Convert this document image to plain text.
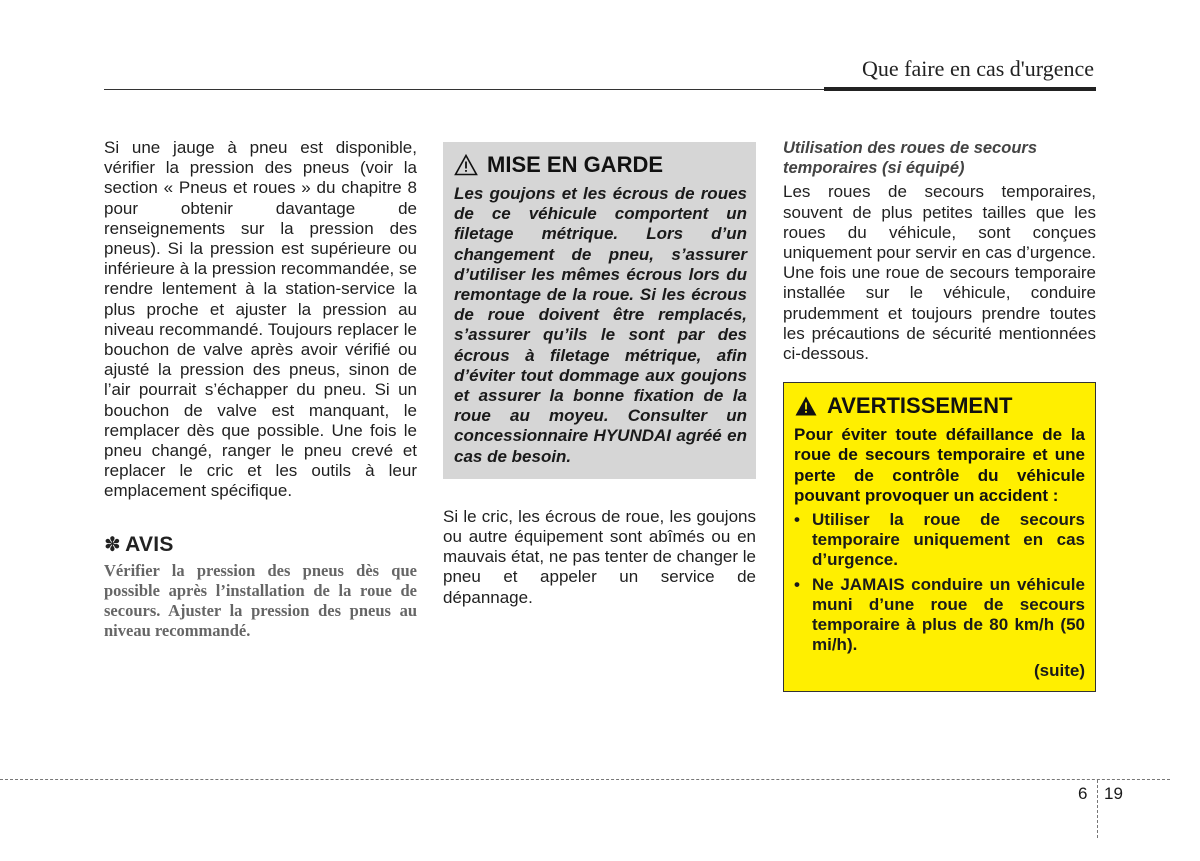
Que faire en cas d'urgence

Si une jauge à pneu est disponible, vérifier la pression des pneus (voir la section « Pneus et roues » du chapitre 8 pour obtenir davantage de renseignements sur la pression des pneus). Si la pression est supérieure ou inférieure à la pression recommandée, se rendre lentement à la station-service la plus proche et ajuster la pression au niveau recommandé. Toujours replacer le bouchon de valve après avoir vérifié ou ajusté la pression des pneus, sinon de l’air pourrait s’échapper du pneu. Si un bouchon de valve est manquant, le remplacer dès que possible. Une fois le pneu changé, ranger le pneu crevé et replacer le cric et les outils à leur emplacement spécifique.

✽ AVIS

Vérifier la pression des pneus dès que possible après l’installation de la roue de secours. Ajuster la pression des pneus au niveau recommandé.

MISE EN GARDE

Les goujons et les écrous de roues de ce véhicule comportent un filetage métrique. Lors d’un changement de pneu, s’assurer d’utiliser les mêmes écrous lors du remontage de la roue. Si les écrous de roue doivent être remplacés, s’assurer qu’ils le sont par des écrous à filetage métrique, afin d’éviter tout dommage aux goujons et assurer la bonne fixation de la roue au moyeu. Consulter un concessionnaire HYUNDAI agréé en cas de besoin.

Si le cric, les écrous de roue, les goujons ou autre équipement sont abîmés ou en mauvais état, ne pas tenter de changer le pneu et appeler un service de dépannage.

Utilisation des roues de secours temporaires (si équipé)

Les roues de secours temporaires, souvent de plus petites tailles que les roues du véhicule, sont conçues uniquement pour servir en cas d’urgence. Une fois une roue de secours temporaire installée sur le véhicule, conduire prudemment et toujours prendre toutes les précautions de sécurité mentionnées ci-dessous.

AVERTISSEMENT

Pour éviter toute défaillance de la roue de secours temporaire et une perte de contrôle du véhicule pouvant provoquer un accident :

• Utiliser la roue de secours temporaire uniquement en cas d’urgence.
• Ne JAMAIS conduire un véhicule muni d’une roue de secours temporaire à plus de 80 km/h (50 mi/h).
(suite)
6 19
